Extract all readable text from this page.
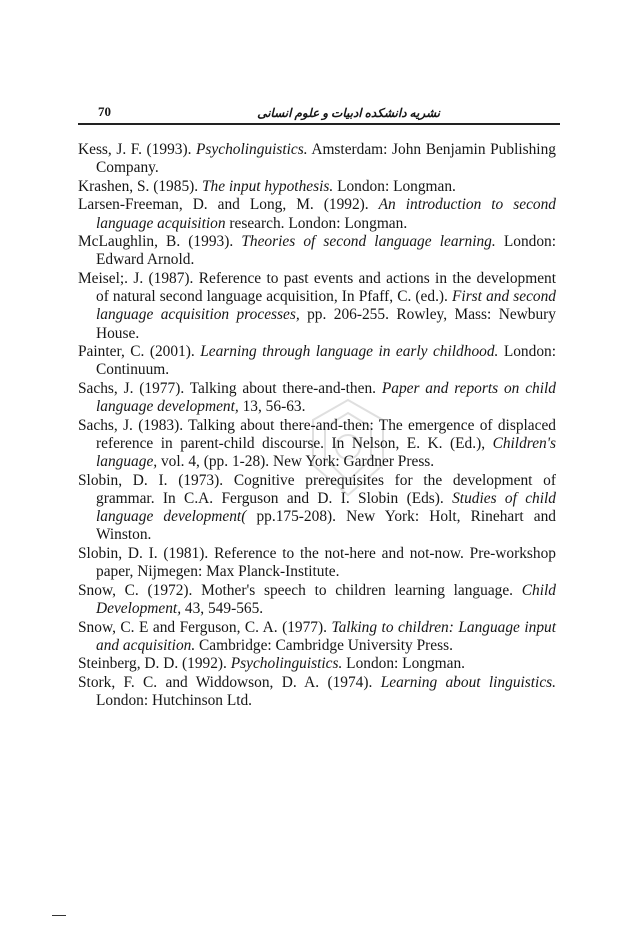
70	نشریه دانشکده ادبیات و علوم انسانی

Kess, J. F. (1993). Psycholinguistics. Amsterdam: John Benjamin Publishing Company.

Krashen, S. (1985). The input hypothesis. London: Longman.

Larsen-Freeman, D. and Long, M. (1992). An introduction to second language acquisition research. London: Longman.

McLaughlin, B. (1993). Theories of second language learning. London: Edward Arnold.

Meisel;. J. (1987). Reference to past events and actions in the development of natural second language acquisition, In Pfaff, C. (ed.). First and second language acquisition processes, pp. 206-255. Rowley, Mass: Newbury House.

Painter, C. (2001). Learning through language in early childhood. London: Continuum.

Sachs, J. (1977). Talking about there-and-then. Paper and reports on child language development, 13, 56-63.

Sachs, J. (1983). Talking about there-and-then: The emergence of displaced reference in parent-child discourse. In Nelson, E. K. (Ed.), Children's language, vol. 4, (pp. 1-28). New York: Gardner Press.

Slobin, D. I. (1973). Cognitive prerequisites for the development of grammar. In C.A. Ferguson and D. I. Slobin (Eds). Studies of child language development( pp.175-208). New York: Holt, Rinehart and Winston.

Slobin, D. I. (1981). Reference to the not-here and not-now. Pre-workshop paper, Nijmegen: Max Planck-Institute.

Snow, C. (1972). Mother's speech to children learning language. Child Development, 43, 549-565.

Snow, C. E and Ferguson, C. A. (1977). Talking to children: Language input and acquisition. Cambridge: Cambridge University Press.

Steinberg, D. D. (1992). Psycholinguistics. London: Longman.

Stork, F. C. and Widdowson, D. A. (1974). Learning about linguistics. London: Hutchinson Ltd.
